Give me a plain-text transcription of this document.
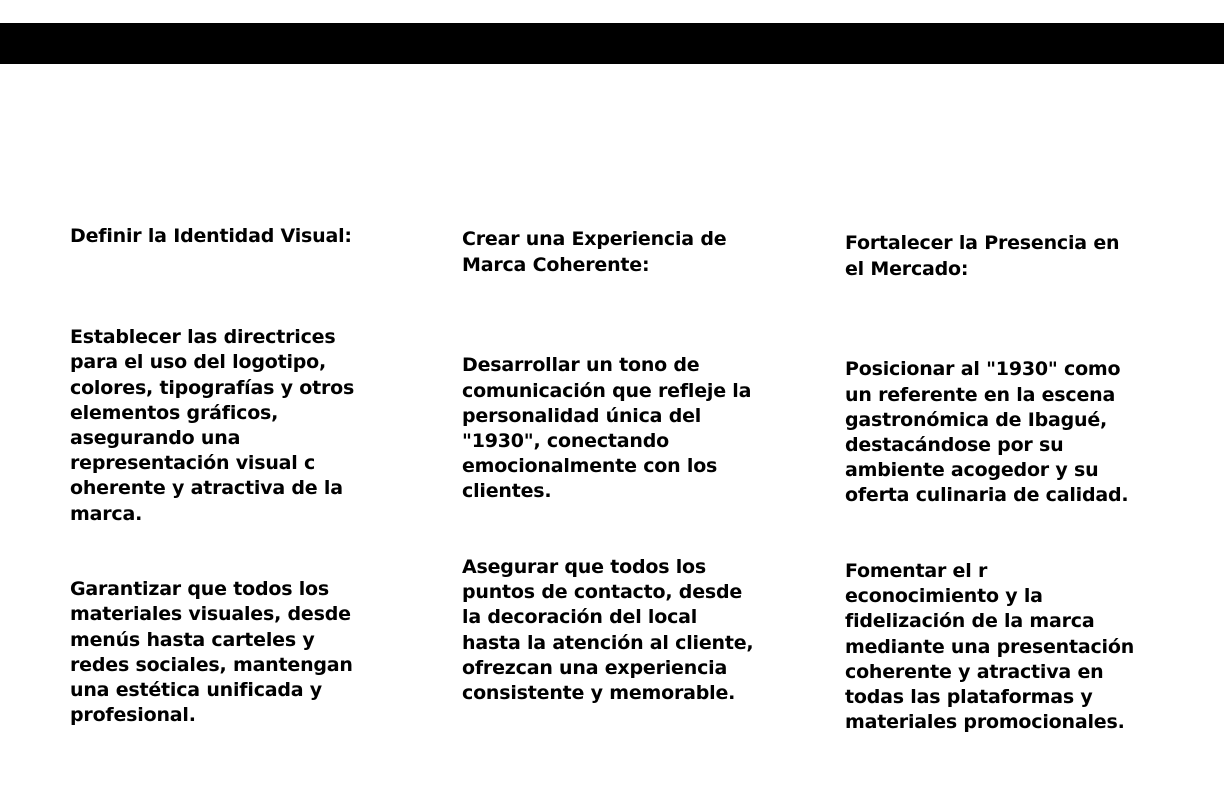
Definir la Identidad Visual:

Establecer las directrices
para el uso del logotipo,
colores, tipografías y otros
elementos gráficos,
asegurando una
representación visual c
oherente y atractiva de la
marca.

Garantizar que todos los
materiales visuales, desde
menús hasta carteles y
redes sociales, mantengan
una estética unificada y
profesional.

Crear una Experiencia de
Marca Coherente:

Desarrollar un tono de
comunicación que refleje la
personalidad única del
"1930", conectando
emocionalmente con los
clientes.

Asegurar que todos los
puntos de contacto, desde
la decoración del local
hasta la atención al cliente,
ofrezcan una experiencia
consistente y memorable.

Fortalecer la Presencia en
el Mercado:

Posicionar al "1930" como
un referente en la escena
gastronómica de Ibagué,
destacándose por su
ambiente acogedor y su
oferta culinaria de calidad.

Fomentar el r
econocimiento y la
fidelización de la marca
mediante una presentación
coherente y atractiva en
todas las plataformas y
materiales promocionales.
